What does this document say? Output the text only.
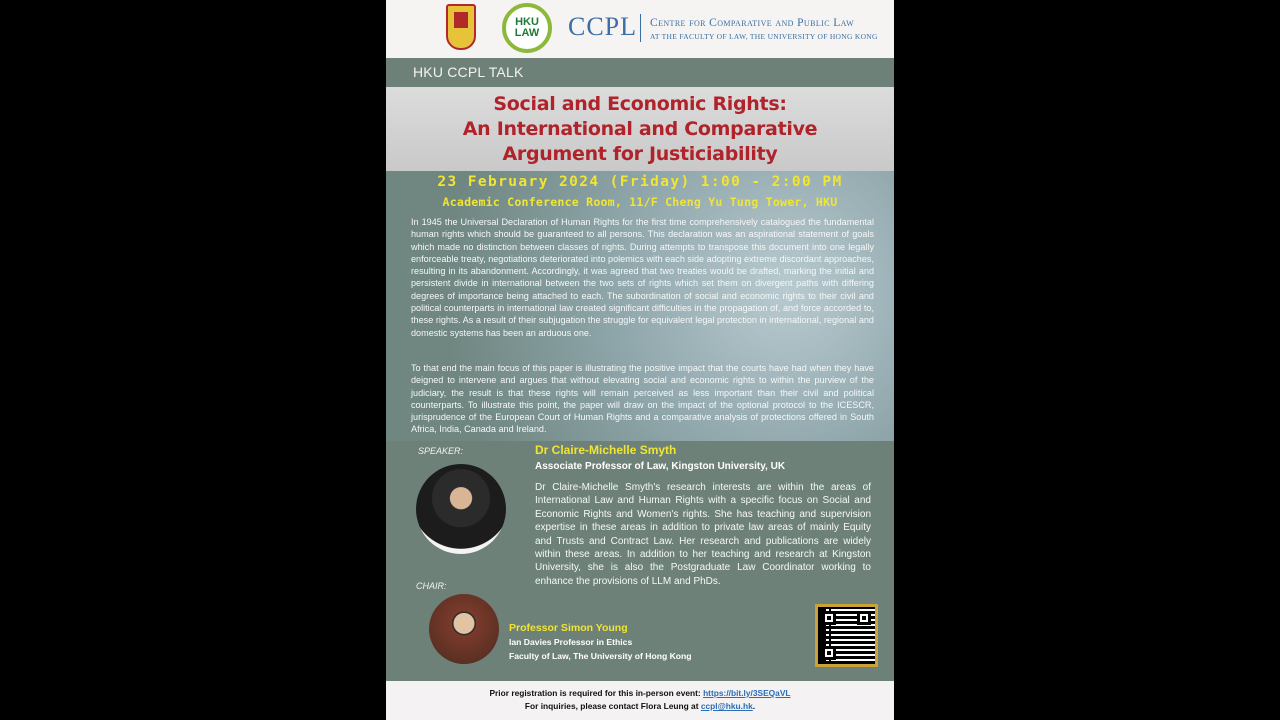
HKU
LAW CCPL Centre for Comparative and Public Law
AT THE FACULTY OF LAW, THE UNIVERSITY OF HONG KONG
HKU CCPL TALK
Social and Economic Rights:
An International and Comparative
Argument for Justiciability
23 February 2024 (Friday) 1:00 - 2:00 PM
Academic Conference Room, 11/F Cheng Yu Tung Tower, HKU
In 1945 the Universal Declaration of Human Rights for the first time comprehensively catalogued the fundamental human rights which should be guaranteed to all persons. This declaration was an aspirational statement of goals which made no distinction between classes of rights. During attempts to transpose this document into one legally enforceable treaty, negotiations deteriorated into polemics with each side adopting extreme discordant approaches, resulting in its abandonment. Accordingly, it was agreed that two treaties would be drafted, marking the initial and persistent divide in international between the two sets of rights which set them on divergent paths with differing degrees of importance being attached to each. The subordination of social and economic rights to their civil and political counterparts in international law created significant difficulties in the propagation of, and force accorded to, these rights. As a result of their subjugation the struggle for equivalent legal protection in international, regional and domestic systems has been an arduous one.
To that end the main focus of this paper is illustrating the positive impact that the courts have had when they have deigned to intervene and argues that without elevating social and economic rights to within the purview of the judiciary, the result is that these rights will remain perceived as less important than their civil and political counterparts. To illustrate this point, the paper will draw on the impact of the optional protocol to the ICESCR, jurisprudence of the European Court of Human Rights and a comparative analysis of protections offered in South Africa, India, Canada and Ireland.
SPEAKER:	Dr Claire-Michelle Smyth
Associate Professor of Law, Kingston University, UK
Dr Claire-Michelle Smyth's research interests are within the areas of International Law and Human Rights with a specific focus on Social and Economic Rights and Women's rights. She has teaching and supervision expertise in these areas in addition to private law areas of mainly Equity and Trusts and Contract Law. Her research and publications are widely within these areas. In addition to her teaching and research at Kingston University, she is also the Postgraduate Law Coordinator working to enhance the provisions of LLM and PhDs.
CHAIR:
Professor Simon Young
Ian Davies Professor in Ethics
Faculty of Law, The University of Hong Kong
Prior registration is required for this in-person event: https://bit.ly/3SEQaVL
For inquiries, please contact Flora Leung at ccpl@hku.hk.
